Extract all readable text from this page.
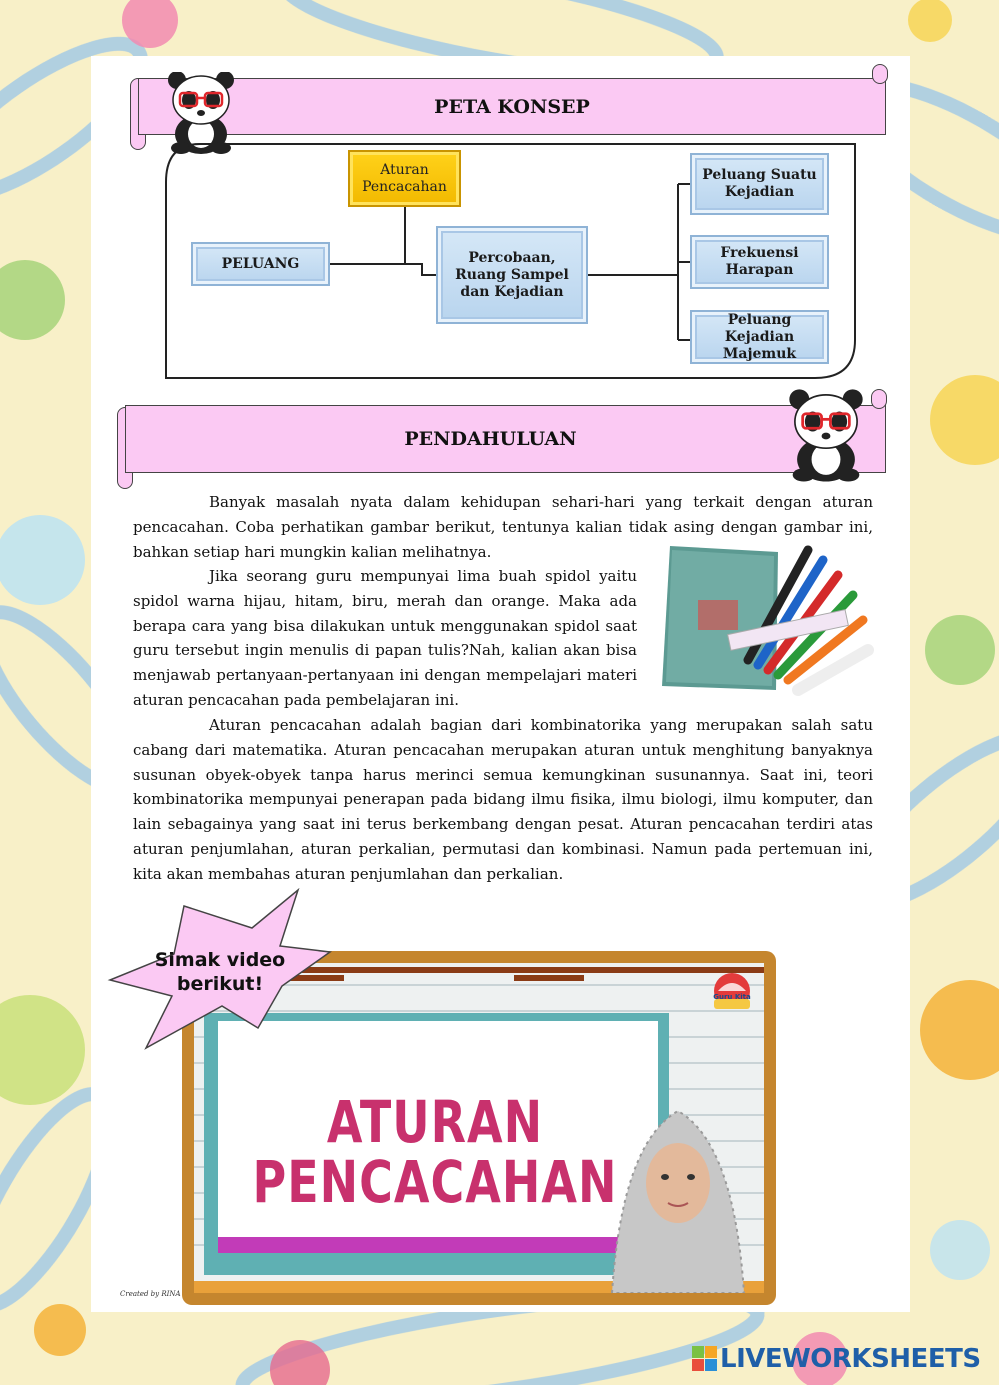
PETA KONSEP
Aturan Pencacahan
PELUANG	Percobaan, Ruang Sampel dan Kejadian
Peluang Suatu Kejadian
Frekuensi Harapan
Peluang Kejadian Majemuk
PENDAHULUAN

Banyak masalah nyata dalam kehidupan sehari-hari yang terkait dengan aturan pencacahan. Coba perhatikan gambar berikut, tentunya kalian tidak asing dengan gambar ini, bahkan setiap hari mungkin kalian melihatnya.

Jika seorang guru mempunyai lima buah spidol yaitu spidol warna hijau, hitam, biru, merah dan orange. Maka ada berapa cara yang bisa dilakukan untuk menggunakan spidol saat guru tersebut ingin menulis di papan tulis?Nah, kalian akan bisa menjawab pertanyaan-pertanyaan ini dengan mempelajari materi aturan pencacahan pada pembelajaran ini.

Aturan pencacahan adalah bagian dari kombinatorika yang merupakan salah satu cabang dari matematika. Aturan pencacahan merupakan aturan untuk menghitung banyaknya susunan obyek-obyek tanpa harus merinci semua kemungkinan susunannya. Saat ini, teori kombinatorika mempunyai penerapan pada bidang ilmu fisika, ilmu biologi, ilmu komputer, dan lain sebagainya yang saat ini terus berkembang dengan pesat. Aturan pencacahan terdiri atas aturan penjumlahan, aturan perkalian, permutasi dan kombinasi. Namun pada pertemuan ini, kita akan membahas aturan penjumlahan dan perkalian.

ATURAN
PENCACAHAN
Guru Kita
Simak video berikut!
Created by RINA
LIVEWORKSHEETS
